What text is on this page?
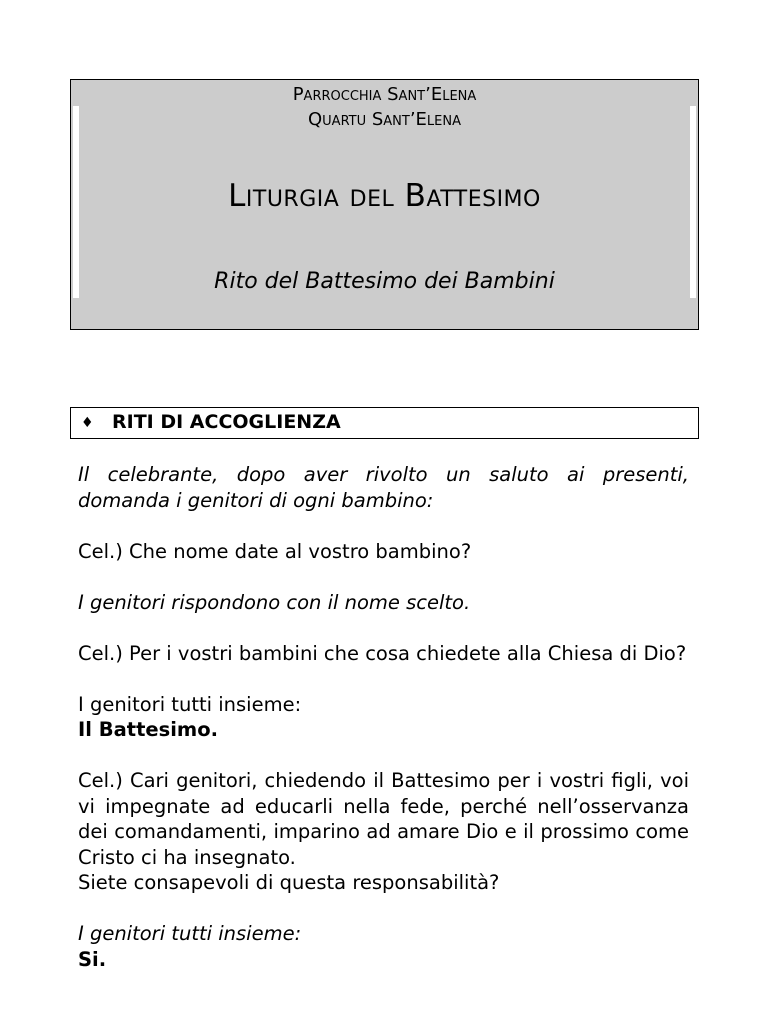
Parrocchia Sant’Elena
Quartu Sant’Elena
Liturgia del Battesimo
Rito del Battesimo dei Bambini
♦ RITI DI ACCOGLIENZA

Il celebrante, dopo aver rivolto un saluto ai presenti, domanda i genitori di ogni bambino:

Cel.) Che nome date al vostro bambino?

I genitori rispondono con il nome scelto.

Cel.) Per i vostri bambini che cosa chiedete alla Chiesa di Dio?

I genitori tutti insieme:
Il Battesimo.

Cel.) Cari genitori, chiedendo il Battesimo per i vostri figli, voi vi impegnate ad educarli nella fede, perché nell’osservanza dei comandamenti, imparino ad amare Dio e il prossimo come Cristo ci ha insegnato.
Siete consapevoli di questa responsabilità?

I genitori tutti insieme:
Si.
